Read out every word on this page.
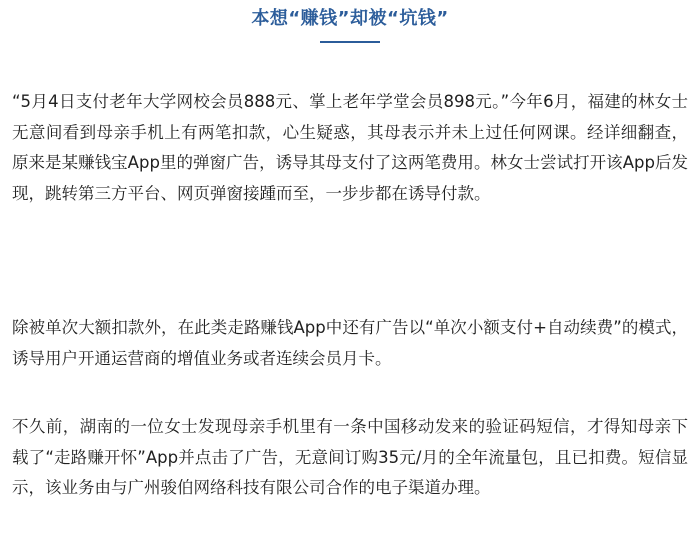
本想“赚钱”却被“坑钱”

“5月4日支付老年大学网校会员888元、掌上老年学堂会员898元。”今年6月，福建的林女士无意间看到母亲手机上有两笔扣款，心生疑惑，其母表示并未上过任何网课。经详细翻查，原来是某赚钱宝App里的弹窗广告，诱导其母支付了这两笔费用。林女士尝试打开该App后发现，跳转第三方平台、网页弹窗接踵而至，一步步都在诱导付款。

除被单次大额扣款外，在此类走路赚钱App中还有广告以“单次小额支付+自动续费”的模式，诱导用户开通运营商的增值业务或者连续会员月卡。

不久前，湖南的一位女士发现母亲手机里有一条中国移动发来的验证码短信，才得知母亲下载了“走路赚开怀”App并点击了广告，无意间订购35元/月的全年流量包，且已扣费。短信显示，该业务由与广州骏伯网络科技有限公司合作的电子渠道办理。
